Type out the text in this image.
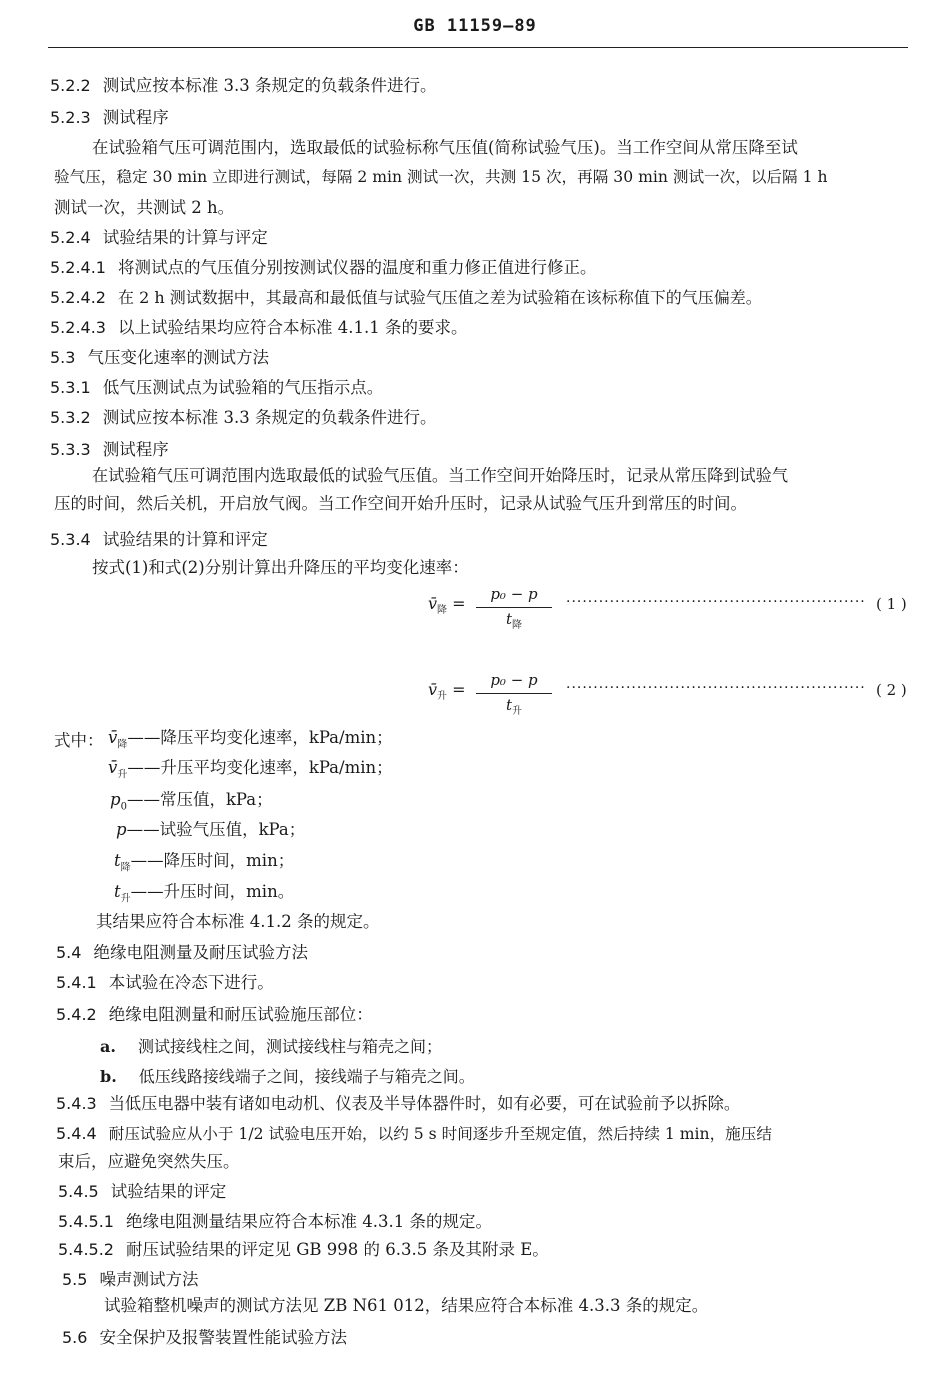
GB 11159—89
5.2.2 测试应按本标准 3.3 条规定的负载条件进行。
5.2.3 测试程序
在试验箱气压可调范围内，选取最低的试验标称气压值(简称试验气压)。当工作空间从常压降至试
验气压，稳定 30 min 立即进行测试，每隔 2 min 测试一次，共测 15 次，再隔 30 min 测试一次，以后隔 1 h
测试一次，共测试 2 h。
5.2.4 试验结果的计算与评定
5.2.4.1 将测试点的气压值分别按测试仪器的温度和重力修正值进行修正。
5.2.4.2 在 2 h 测试数据中，其最高和最低值与试验气压值之差为试验箱在该标称值下的气压偏差。
5.2.4.3 以上试验结果均应符合本标准 4.1.1 条的要求。
5.3 气压变化速率的测试方法
5.3.1 低气压测试点为试验箱的气压指示点。
5.3.2 测试应按本标准 3.3 条规定的负载条件进行。
5.3.3 测试程序
在试验箱气压可调范围内选取最低的试验气压值。当工作空间开始降压时，记录从常压降到试验气
压的时间，然后关机，开启放气阀。当工作空间开始升压时，记录从试验气压升到常压的时间。
5.3.4 试验结果的计算和评定
按式(1)和式(2)分别计算出升降压的平均变化速率：
$v̄_降$ =	p₀ − p
$t_降$
······················································· ( 1 )
$v̄_升$ =	p₀ − p
$t_升$
······················································· ( 2 )
式中： $v̄_降——$降压平均变化速率，kPa/min；
$v̄_升——$升压平均变化速率，kPa/min；
$p_0——$常压值，kPa；
p——试验气压值，kPa；
$t_降——$降压时间，min；
$t_升——$升压时间，min。
其结果应符合本标准 4.1.2 条的规定。
5.4 绝缘电阻测量及耐压试验方法
5.4.1 本试验在冷态下进行。
5.4.2 绝缘电阻测量和耐压试验施压部位：
a. 测试接线柱之间，测试接线柱与箱壳之间；
b. 低压线路接线端子之间，接线端子与箱壳之间。
5.4.3 当低压电器中装有诸如电动机、仪表及半导体器件时，如有必要，可在试验前予以拆除。
5.4.4 耐压试验应从小于 1/2 试验电压开始，以约 5 s 时间逐步升至规定值，然后持续 1 min，施压结
束后，应避免突然失压。
5.4.5 试验结果的评定
5.4.5.1 绝缘电阻测量结果应符合本标准 4.3.1 条的规定。
5.4.5.2 耐压试验结果的评定见 GB 998 的 6.3.5 条及其附录 E。
5.5 噪声测试方法
试验箱整机噪声的测试方法见 ZB N61 012，结果应符合本标准 4.3.3 条的规定。
5.6 安全保护及报警装置性能试验方法
